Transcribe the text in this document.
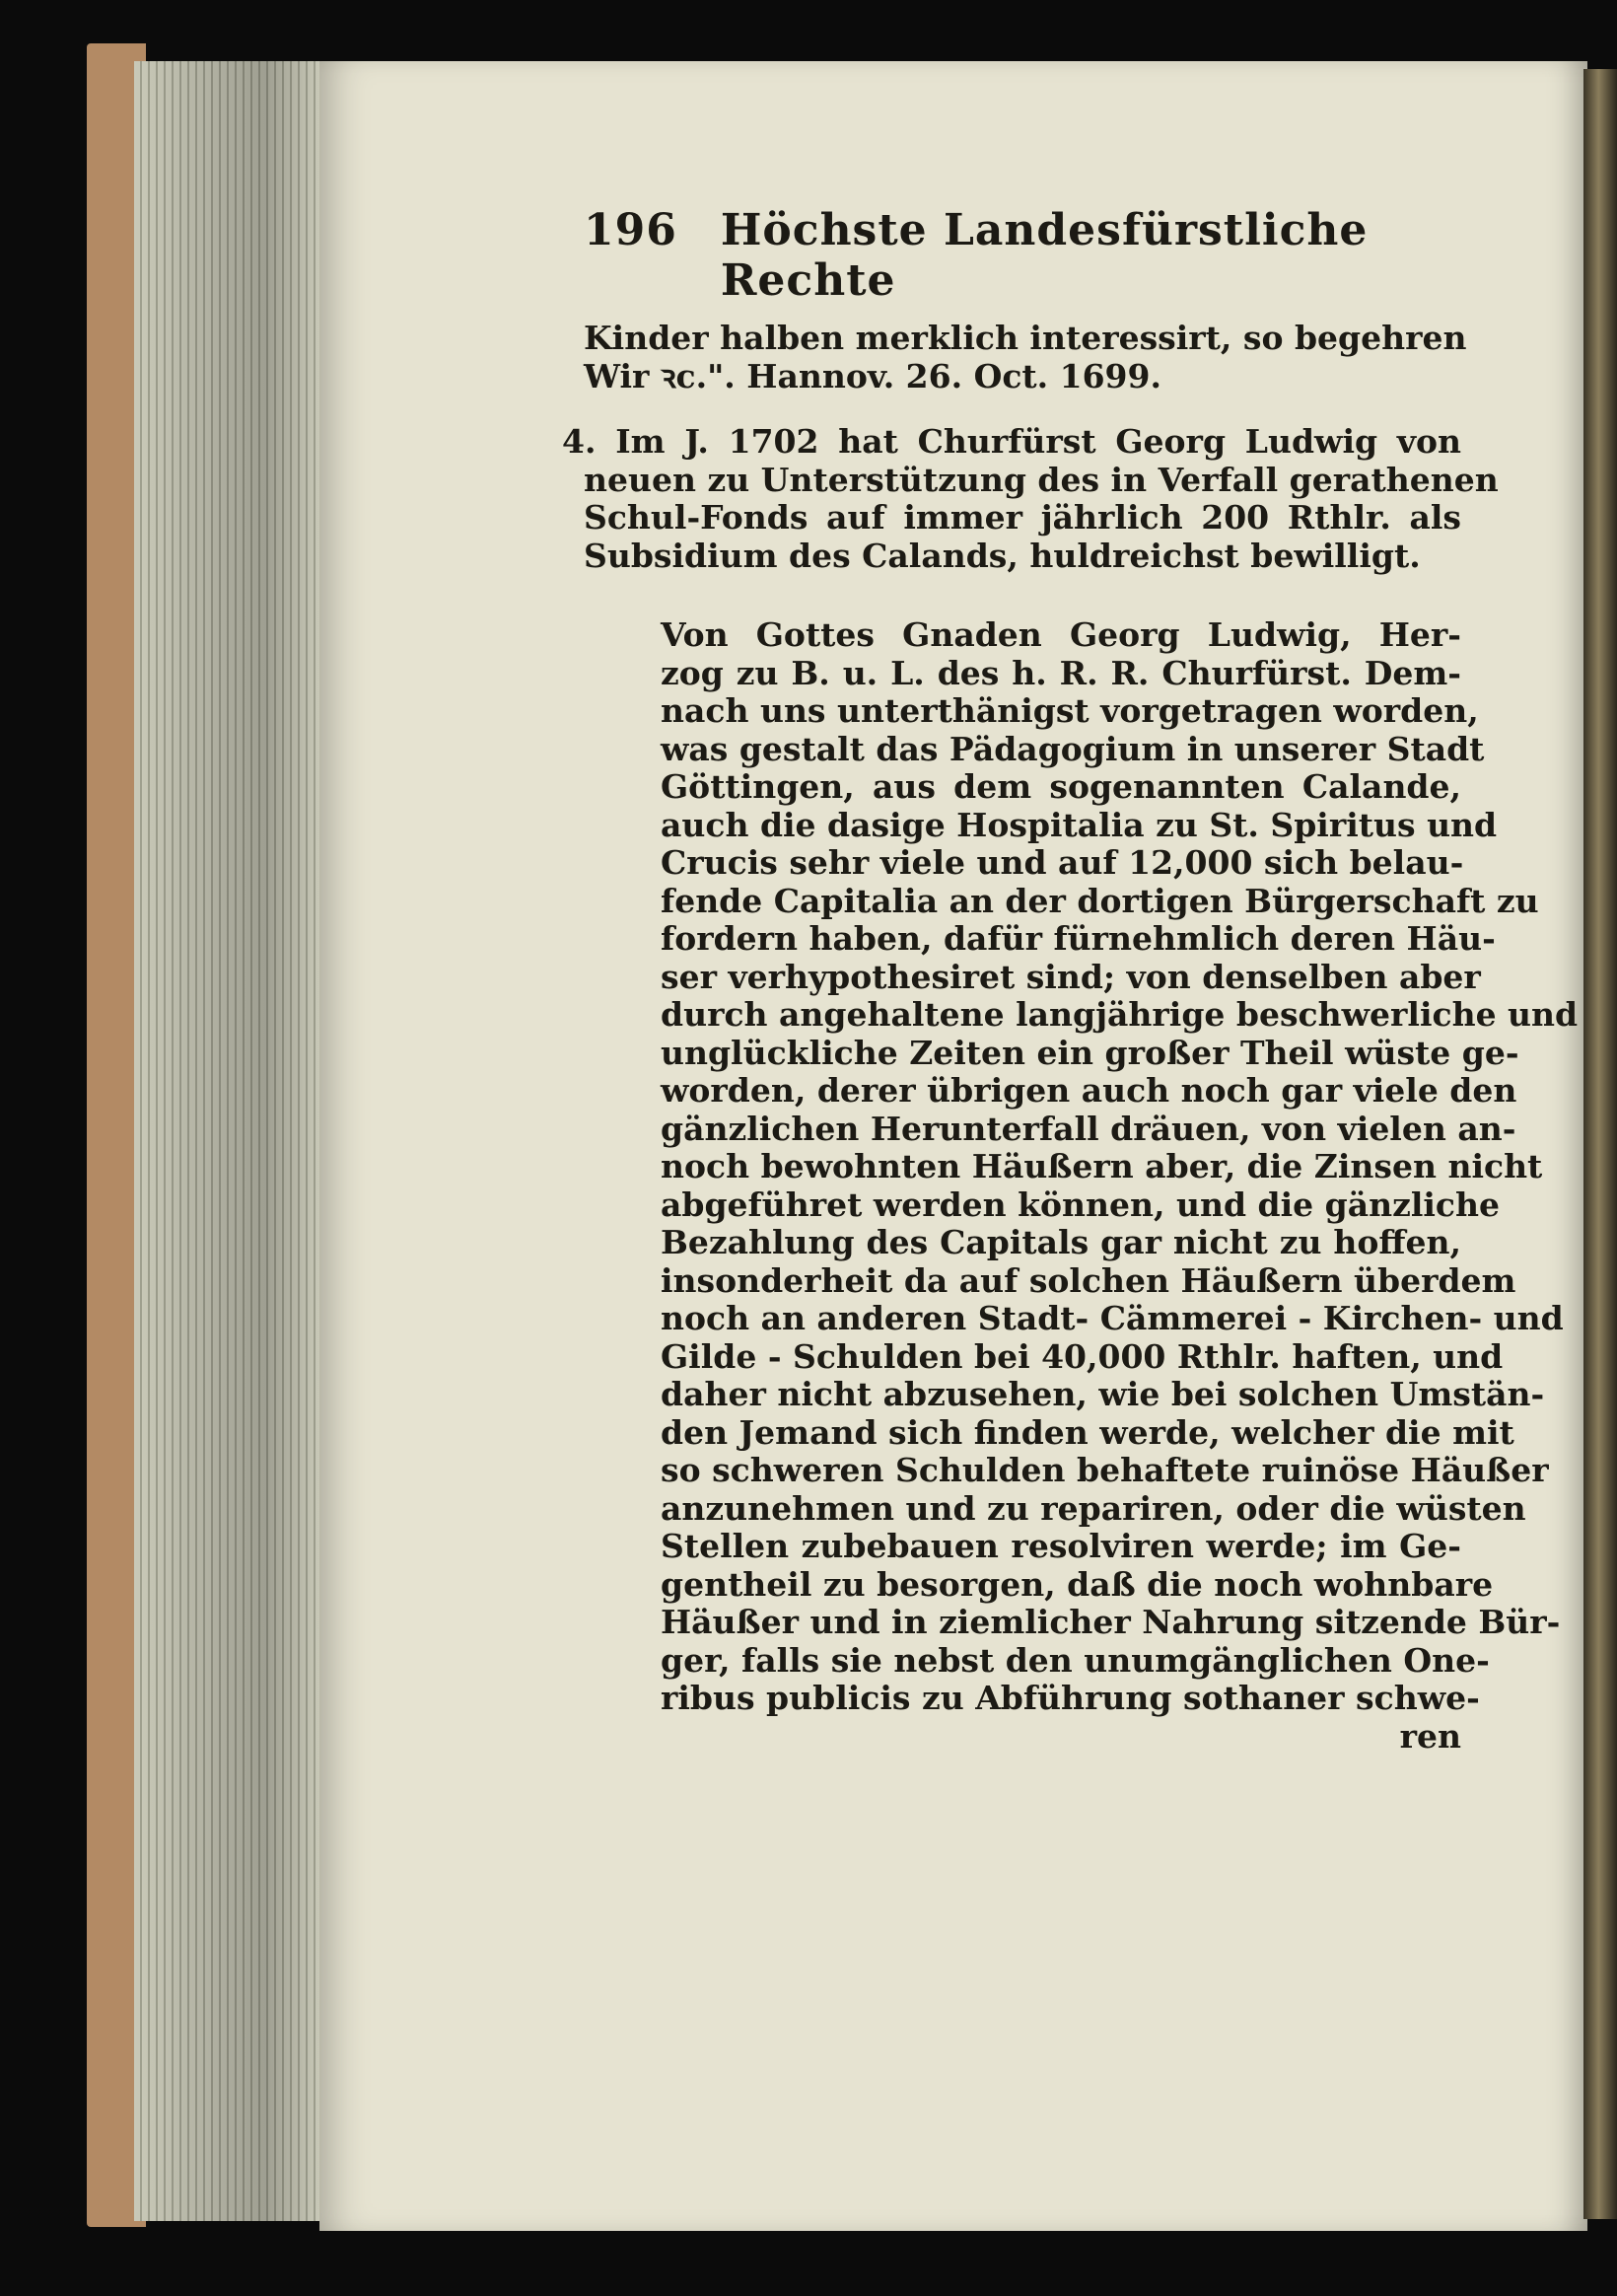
196 Höchste Landesfürstliche Rechte
Kinder halben merklich interessirt, so begehren
Wir ꝛc.". Hannov. 26. Oct. 1699.
4. Im J. 1702 hat Churfürst Georg Ludwig von
neuen zu Unterstützung des in Verfall gerathenen
Schul-Fonds auf immer jährlich 200 Rthlr. als
Subsidium des Calands, huldreichst bewilligt.
Von Gottes Gnaden Georg Ludwig, Her-
zog zu B. u. L. des h. R. R. Churfürst. Dem-
nach uns unterthänigst vorgetragen worden,
was gestalt das Pädagogium in unserer Stadt
Göttingen, aus dem sogenannten Calande,
auch die dasige Hospitalia zu St. Spiritus und
Crucis sehr viele und auf 12,000 sich belau-
fende Capitalia an der dortigen Bürgerschaft zu
fordern haben, dafür fürnehmlich deren Häu-
ser verhypothesiret sind; von denselben aber
durch angehaltene langjährige beschwerliche und
unglückliche Zeiten ein großer Theil wüste ge-
worden, derer übrigen auch noch gar viele den
gänzlichen Herunterfall dräuen, von vielen an-
noch bewohnten Häußern aber, die Zinsen nicht
abgeführet werden können, und die gänzliche
Bezahlung des Capitals gar nicht zu hoffen,
insonderheit da auf solchen Häußern überdem
noch an anderen Stadt- Cämmerei - Kirchen- und
Gilde - Schulden bei 40,000 Rthlr. haften, und
daher nicht abzusehen, wie bei solchen Umstän-
den Jemand sich finden werde, welcher die mit
so schweren Schulden behaftete ruinöse Häußer
anzunehmen und zu repariren, oder die wüsten
Stellen zubebauen resolviren werde; im Ge-
gentheil zu besorgen, daß die noch wohnbare
Häußer und in ziemlicher Nahrung sitzende Bür-
ger, falls sie nebst den unumgänglichen One-
ribus publicis zu Abführung sothaner schwe-
ren
